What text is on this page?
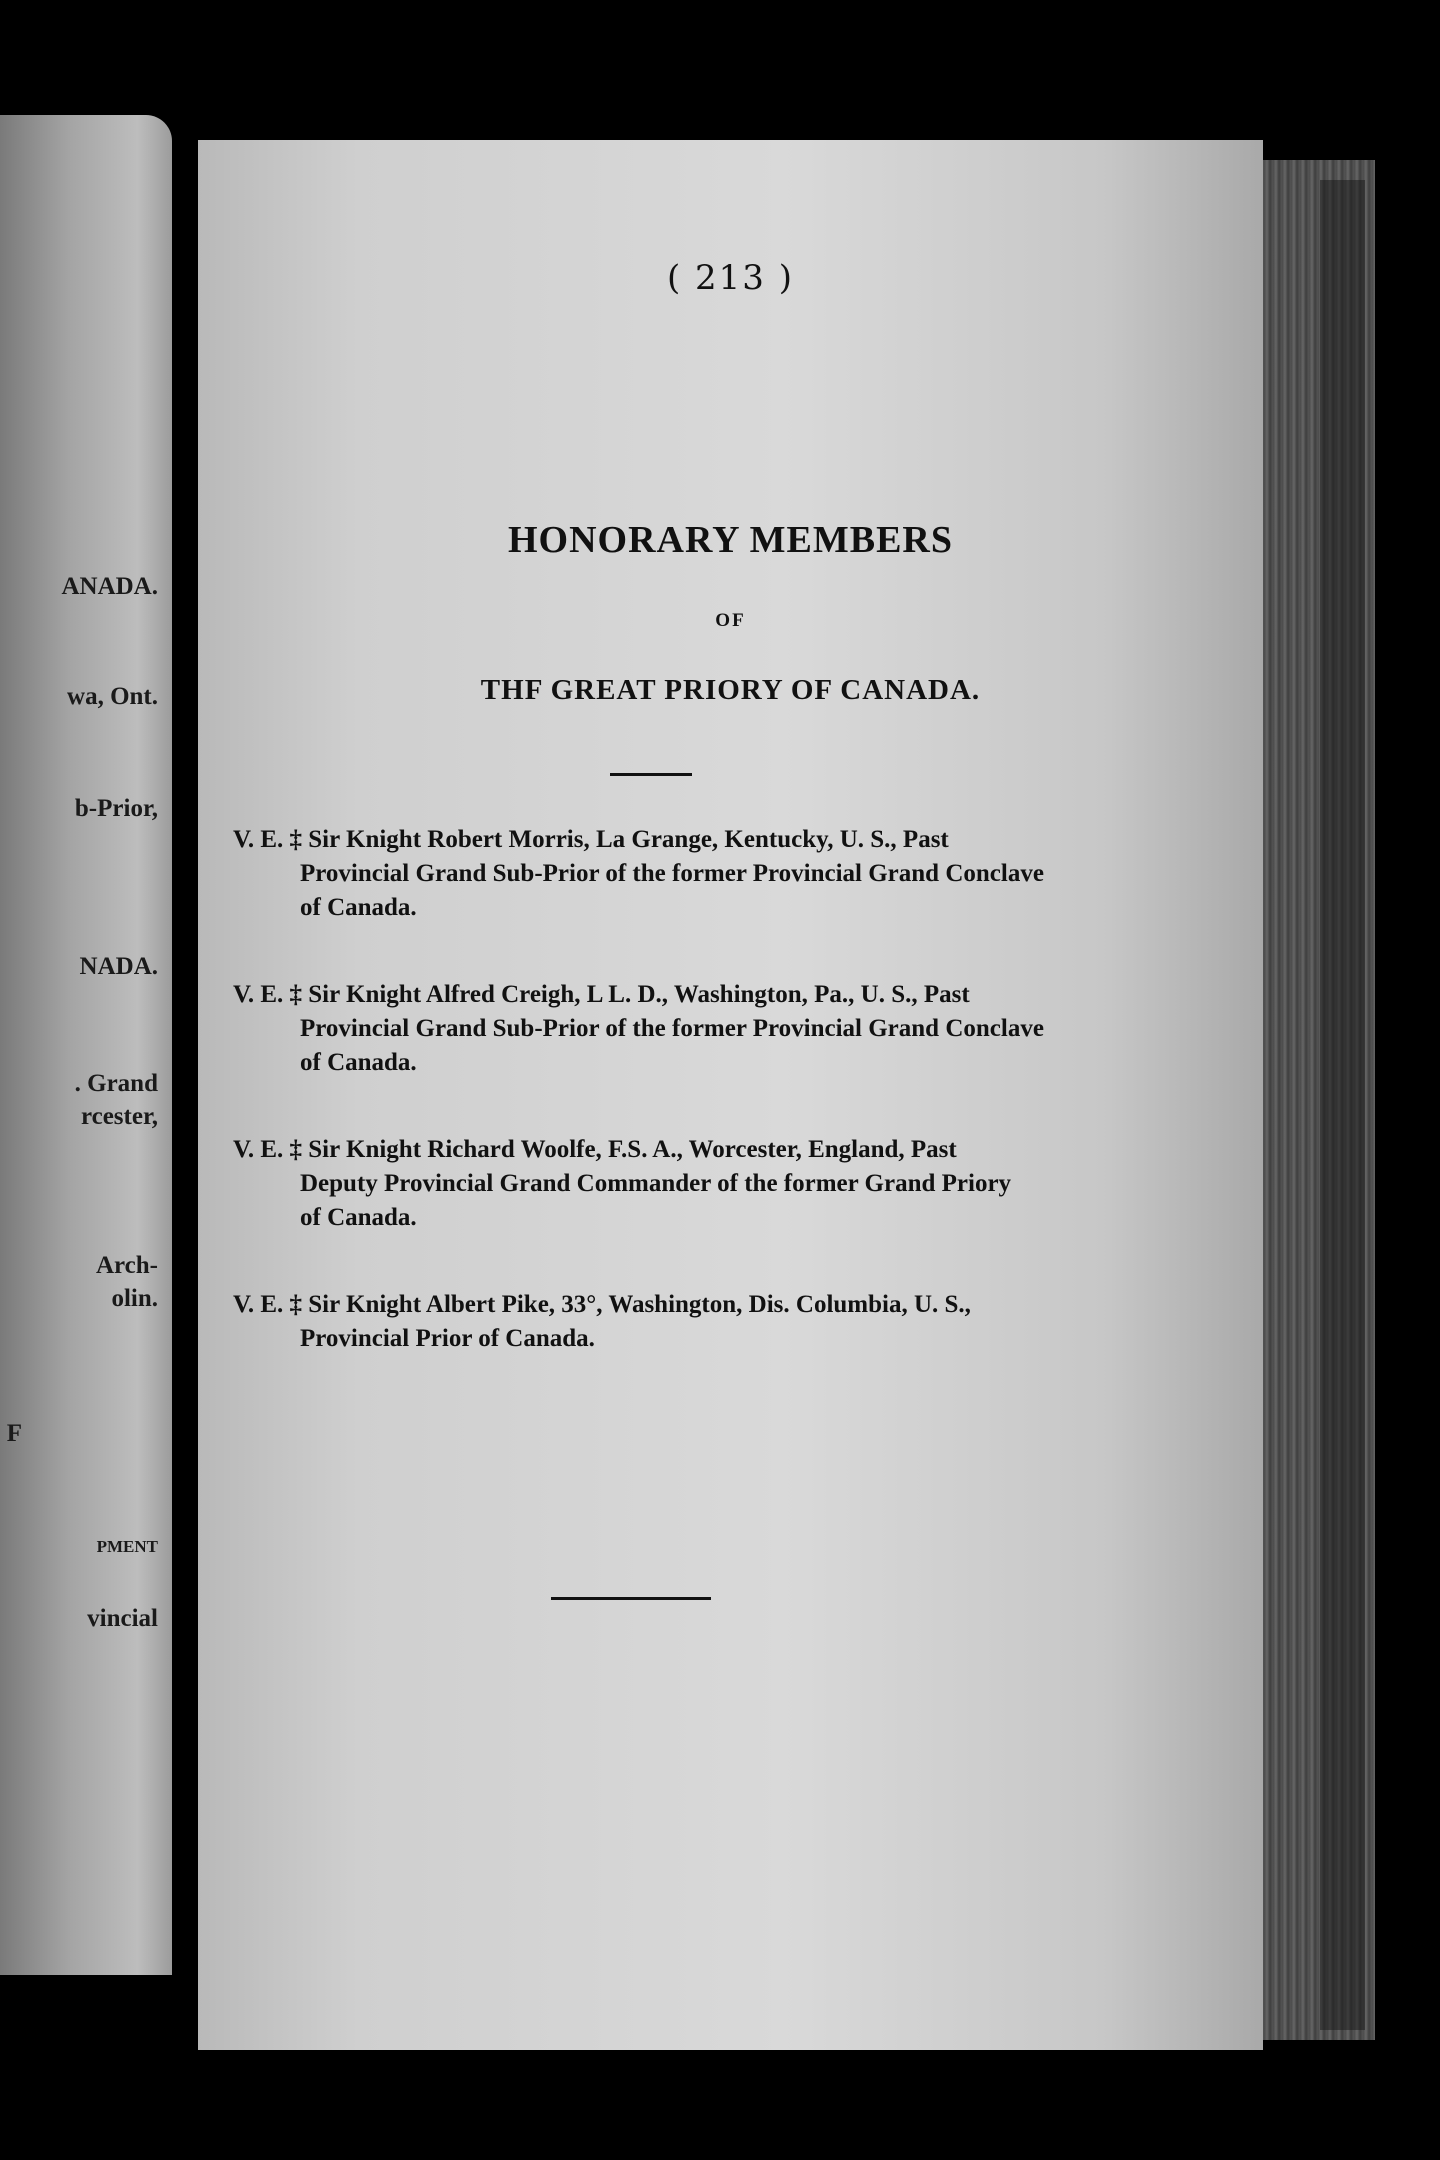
ANADA.
wa, Ont.
b-Prior,
NADA.
. Grand
rcester,
Arch-
olin.
F
PMENT
vincial
( 213 )
HONORARY MEMBERS
OF
THF GREAT PRIORY OF CANADA.
V. E. ‡ Sir Knight Robert Morris, La Grange, Kentucky, U. S., Past
Provincial Grand Sub-Prior of the former Provincial Grand Conclave
of Canada.
V. E. ‡ Sir Knight Alfred Creigh, L L. D., Washington, Pa., U. S., Past
Provincial Grand Sub-Prior of the former Provincial Grand Conclave
of Canada.
V. E. ‡ Sir Knight Richard Woolfe, F.S. A., Worcester, England, Past
Deputy Provincial Grand Commander of the former Grand Priory
of Canada.
V. E. ‡ Sir Knight Albert Pike, 33°, Washington, Dis. Columbia, U. S.,
Provincial Prior of Canada.
